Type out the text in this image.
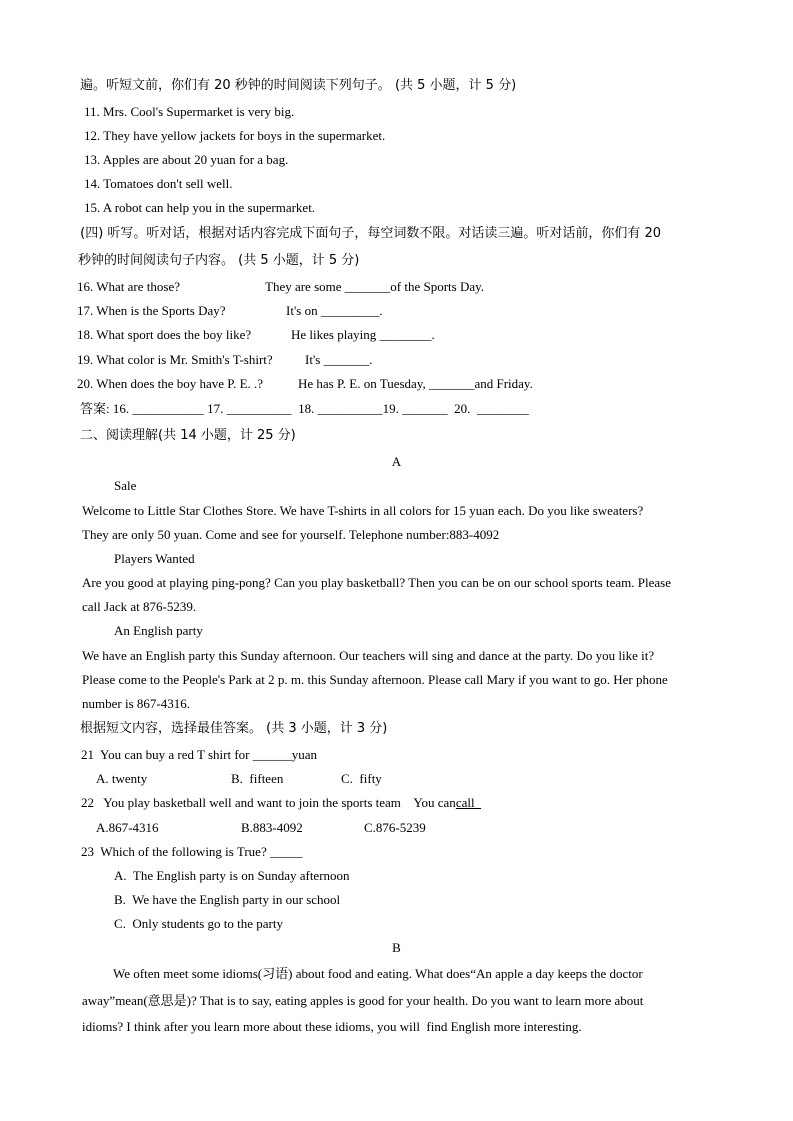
遍。听短文前，你们有 20 秒钟的时间阅读下列句子。 (共 5 小题，计 5 分)
11. Mrs. Cool's Supermarket is very big.
12. They have yellow jackets for boys in the supermarket.
13. Apples are about 20 yuan for a bag.
14. Tomatoes don't sell well.
15. A robot can help you in the supermarket.
(四) 听写。听对话，根据对话内容完成下面句子，每空词数不限。对话读三遍。听对话前，你们有 20
秒钟的时间阅读句子内容。 (共 5 小题，计 5 分)
16. What are those?	They are some _______of the Sports Day.
17. When is the Sports Day?	It's on _________.
18. What sport does the boy like?	He likes playing ________.
19. What color is Mr. Smith's T-shirt? It's _______.
20. When does the boy have P. E. .?	He has P. E. on Tuesday, _______and Friday.
答案: 16. ___________ 17. __________  18. __________19. _______  20.  ________
二、阅读理解(共 14 小题，计 25 分)
A
Sale
Welcome to Little Star Clothes Store. We have T-shirts in all colors for 15 yuan each. Do you like sweaters?
They are only 50 yuan. Come and see for yourself. Telephone number:883-4092
Players Wanted
Are you good at playing ping-pong? Can you play basketball? Then you can be on our school sports team. Please
call Jack at 876-5239.
An English party
We have an English party this Sunday afternoon. Our teachers will sing and dance at the party. Do you like it?
Please come to the People's Park at 2 p. m. this Sunday afternoon. Please call Mary if you want to go. Her phone
number is 867-4316.
根据短文内容，选择最佳答案。 (共 3 小题，计 3 分)
21  You can buy a red T shirt for ______yuan
A. twenty	B.  fifteen	C.  fifty
22   You play basketball well and want to join the sports team    You cancall
A.867-4316	B.883-4092	C.876-5239
23  Which of the following is True? _____
A.  The English party is on Sunday afternoon
B.  We have the English party in our school
C.  Only students go to the party
B
We often meet some idioms(习语) about food and eating. What does“An apple a day keeps the doctor
away”mean(意思是)? That is to say, eating apples is good for your health. Do you want to learn more about
idioms? I think after you learn more about these idioms, you will  find English more interesting.
